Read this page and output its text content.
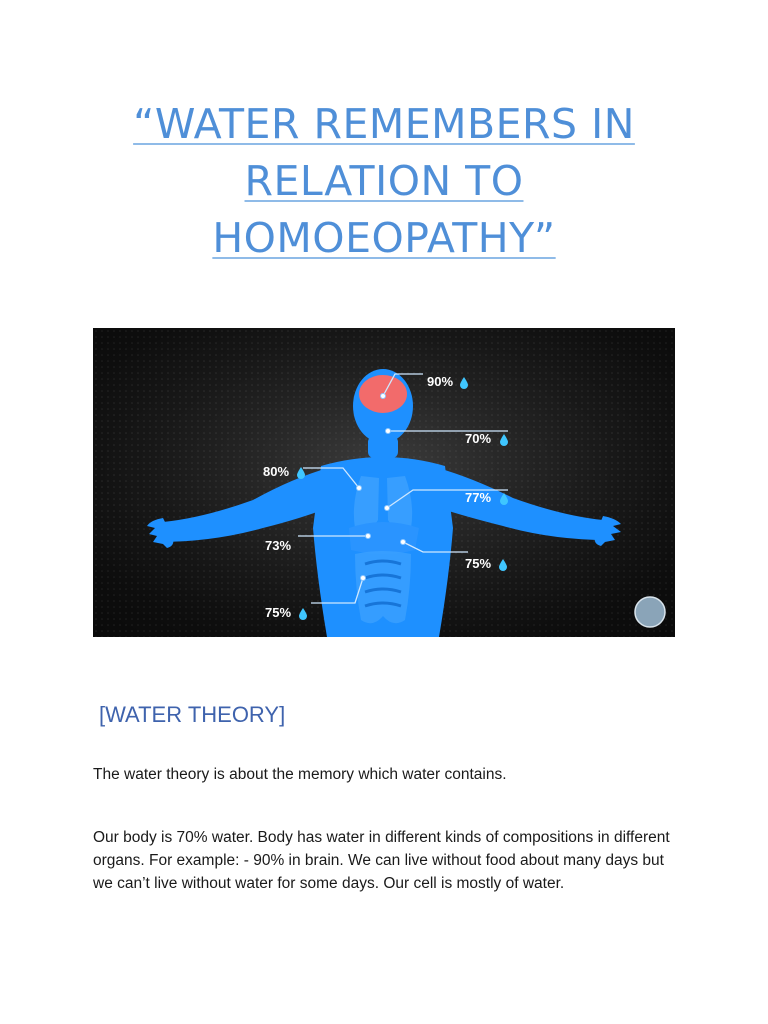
“WATER REMEMBERS IN
RELATION TO
HOMOEOPATHY”
90%
70%
80%
77%
73%
75%
75%
[WATER THEORY]

The water theory is about the memory which water contains.

Our body is 70% water. Body has water in different kinds of compositions in different organs. For example: - 90% in brain. We can live without food about many days but we can’t live without water for some days. Our cell is mostly of water.
